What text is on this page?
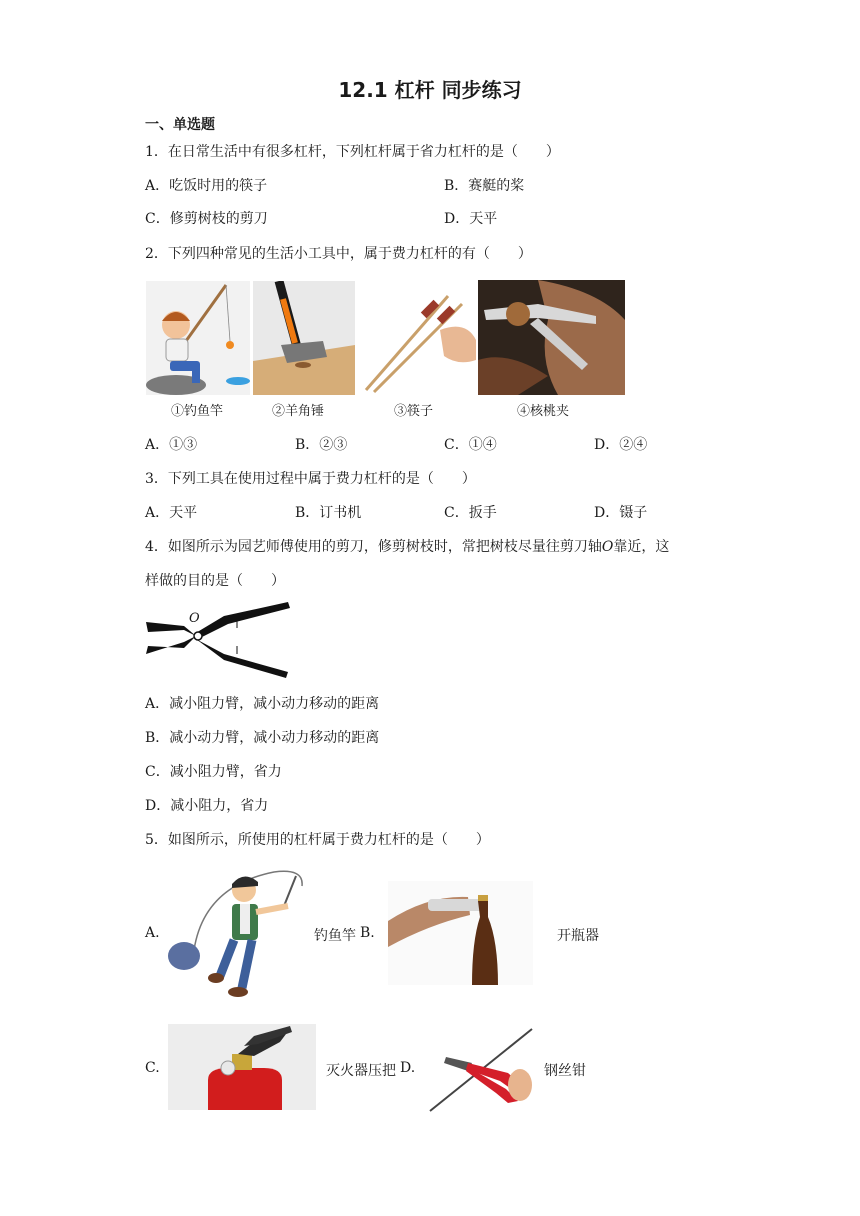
12.1 杠杆 同步练习
一、单选题
1．在日常生活中有很多杠杆，下列杠杆属于省力杠杆的是（　　）
A．吃饭时用的筷子	B．赛艇的桨
C．修剪树枝的剪刀	D．天平
2．下列四种常见的生活小工具中，属于费力杠杆的有（　　）
①钓鱼竿	②羊角锤	③筷子	④核桃夹
A．①③	B．②③	C．①④	D．②④
3．下列工具在使用过程中属于费力杠杆的是（　　）
A．天平	B．订书机	C．扳手	D．镊子
4．如图所示为园艺师傅使用的剪刀，修剪树枝时，常把树枝尽量往剪刀轴O靠近，这
样做的目的是（　　）
O
A．减小阻力臂，减小动力移动的距离
B．减小动力臂，减小动力移动的距离
C．减小阻力臂，省力
D．减小阻力，省力
5．如图所示，所使用的杠杆属于费力杠杆的是（　　）
A.	钓鱼竿 B.	开瓶器
C.	灭火器压把 D.	钢丝钳
